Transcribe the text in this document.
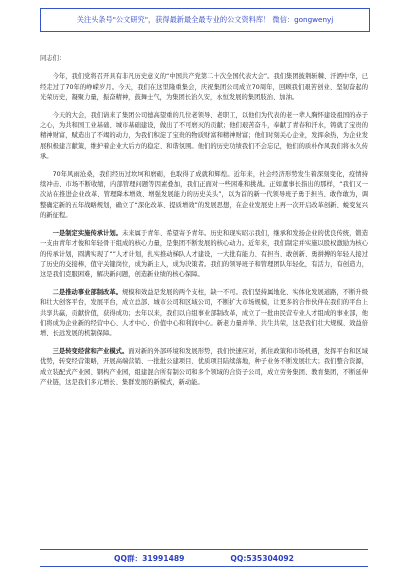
关注头条号"公文研究"，获得最新最全最专业的公文资料库！ 微信：gongwenyj

同志们：

今年，我们党将召开具有非凡历史意义的“中国共产党第二十次全国代表大会”。我们集团披荆斩棘、汗洒中华，已经走过了70年的峥嵘岁月。今天，我们在这里隆重集会，庆祝集团公司成立70周年，回顾我们艰苦创业、坚韧奋起的光荣历史，凝聚力量，振奋精神，鼓舞士气，为集团长治久安，永恒发展的集团肢治、加油。

今天的大会，我们请来了集团公司德高望重的几位老领导、老职工，以他们为代表的老一辈人胸怀建设祖国的赤子之心，为共和国工业基础、城市基础建设，做出了不可磨灭的贡献；他们艰苦奋斗，奉献了青春和汗水，铸就了宝贵的精神财富，赋造出了不竭的动力，为我们积淀了宝贵的物质财富和精神财富；他们时刻关心企业，发挥余热，为企业发展积极建言献策，维护着企业大后方的稳定、和谐氛围。他们的历史功绩我们不会忘记，他们的质朴作风我们将永久传承。

70年风雨沧桑，我们经历过坎坷和磨砺，也取得了成就和辉煌。近年来，社会经济形势发生着深刻变化，疫情持续冲击、市场不断收缩，内部管理问题等因素叠加，我们正面对一些困难和挑战。正如董事长指出的那样，“我们又一次站在推进企业改革、管理降本增效、增强发展能力的历史关头”，以为首的新一代领导班子勇于担当、敢作敢为，调整确定新的五年战略规划，确立了“深化改革、提质增效”的发展思想，在企业发展史上再一次开启改革创新、蜕变复兴的新征程。

一是制定实施传承计划。未来属于青年、希望寄予青年。历史和现实昭示我们，继承和发扬企业的优良传统，锻造一支由青年才俊和年轻骨干组成的核心力量，是集团不断发展的核心动力。近年来，我们制定并实施以股权激励为核心的传承计划，圆满实现了“”人才计划，扎实推动梯队人才建设，一大批有能力、有担当、敢创新、勇拼搏的年轻人接过了历史的交接棒，值守关键岗位，成为新主人，成为决策者。我们的领导班子和管理团队年轻化，有活力，有创造力，这是我们克服困难，解决新问题，创造新业绩的核心保障。

二是推动事业部制改革。规模和效益是发展的两个支柱，缺一不可。我们坚持属地化、实体化发展道路，不断升级和壮大创客平台，发展平台，成立总部、城市公司和区域公司，不断扩大市场规模，让更多的合作伙伴在我们的平台上共享共赢，贡献价值，获得成功；去年以来，我们以自组事业部制改革，成立了一批由民营专业人才组成的事业部，他们将成为企业新的经营中心、人才中心、价值中心和利润中心。新老力量并举、共生共荣，这是我们壮大规模、效益倍增、长远发展的机制保障。

三是转变经营和产业模式。面对新的外部环境和发展形势，我们快速应对，抓住政策和市场机遇，发挥平台和区域优势，转变经营策略，开展高端营销、一批批公建项目、优质项目陆续落地，种子业务不断发展壮大；我们整合资源，成立装配式产业园、钢构产业园，组建混合所有制公司和多个领域的合资子公司，成立劳务集团、教育集团，不断延伸产业链，这是我们多元增长、集群发展的新模式，新动能。

QQ群：31991489	QQ:535304092
